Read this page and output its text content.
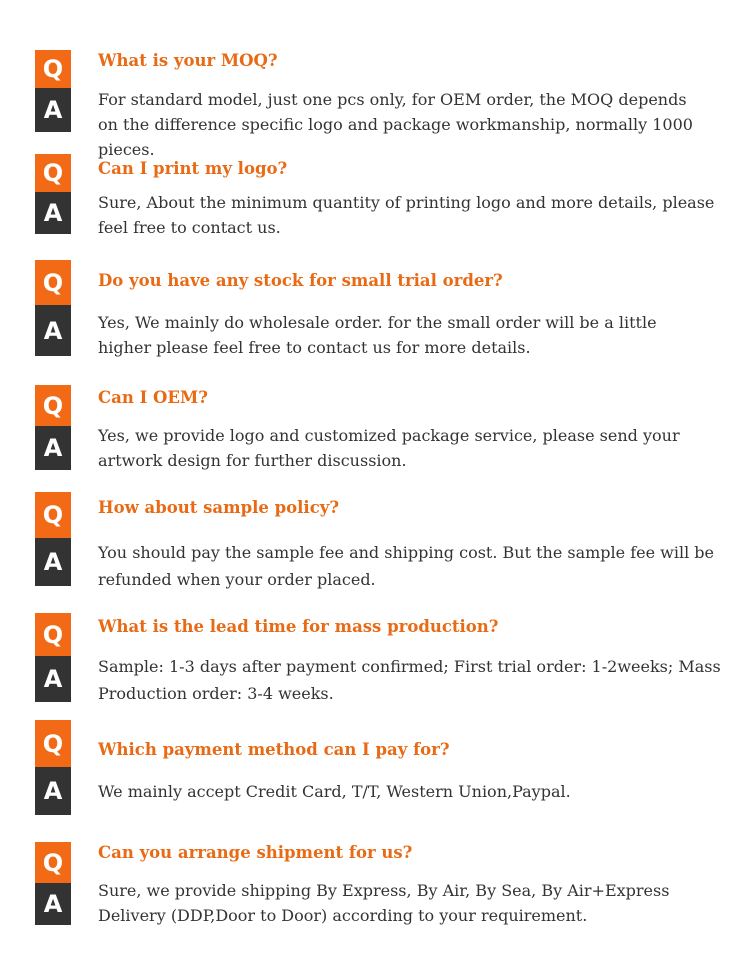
Q
A
What is your MOQ?
For standard model, just one pcs only, for OEM order, the MOQ depends on the difference specific logo and package workmanship, normally 1000 pieces.
Q
A
Can I print my logo?
Sure, About the minimum quantity of printing logo and more details, please feel free to contact us.
Q
A
Do you have any stock for small trial order?
Yes, We mainly do wholesale order. for the small order will be a little higher please feel free to contact us for more details.
Q
A
Can I OEM?
Yes, we provide logo and customized package service, please send your artwork design for further discussion.
Q
A
How about sample policy?
You should pay the sample fee and shipping cost. But the sample fee will be refunded when your order placed.
Q
A
What is the lead time for mass production?
Sample: 1-3 days after payment confirmed; First trial order: 1-2weeks; Mass Production order: 3-4 weeks.
Q
A
Which payment method can I pay for?
We mainly accept Credit Card, T/T, Western Union,Paypal.
Q
A
Can you arrange shipment for us?
Sure, we provide shipping By Express, By Air, By Sea, By Air+Express Delivery (DDP,Door to Door) according to your requirement.
